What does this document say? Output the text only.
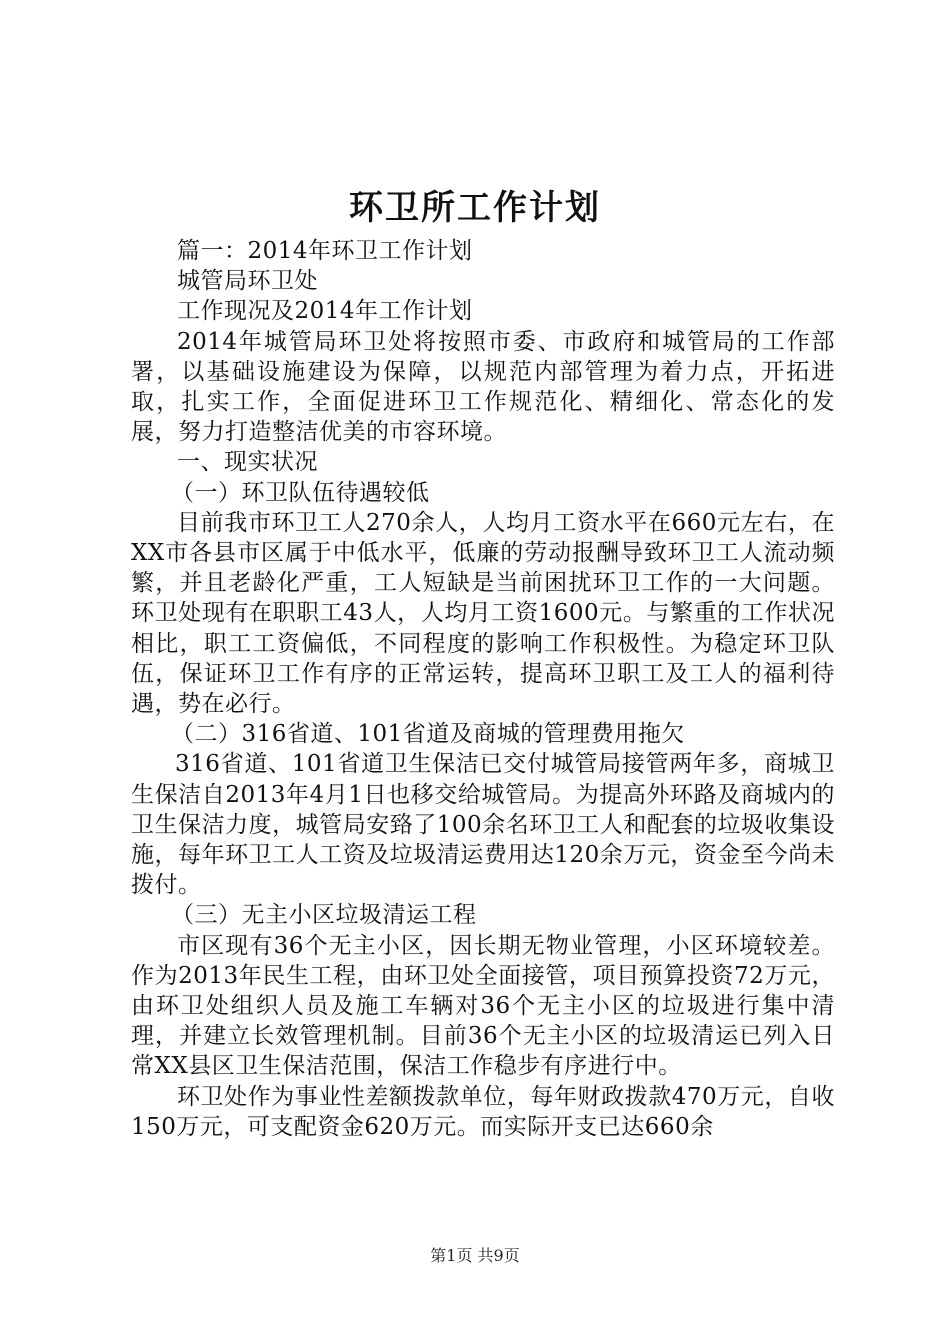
环卫所工作计划

篇一：2014年环卫工作计划

城管局环卫处

工作现况及2014年工作计划

2014年城管局环卫处将按照市委、市政府和城管局的工作部署，以基础设施建设为保障，以规范内部管理为着力点，开拓进取，扎实工作，全面促进环卫工作规范化、精细化、常态化的发展，努力打造整洁优美的市容环境。

一、现实状况

（一）环卫队伍待遇较低

目前我市环卫工人270余人，人均月工资水平在660元左右，在XX市各县市区属于中低水平，低廉的劳动报酬导致环卫工人流动频繁，并且老龄化严重，工人短缺是当前困扰环卫工作的一大问题。环卫处现有在职职工43人，人均月工资1600元。与繁重的工作状况相比，职工工资偏低，不同程度的影响工作积极性。为稳定环卫队伍，保证环卫工作有序的正常运转，提高环卫职工及工人的福利待遇，势在必行。

（二）316省道、101省道及商城的管理费用拖欠

316省道、101省道卫生保洁已交付城管局接管两年多，商城卫生保洁自2013年4月1日也移交给城管局。为提高外环路及商城内的卫生保洁力度，城管局安臵了100余名环卫工人和配套的垃圾收集设施，每年环卫工人工资及垃圾清运费用达120余万元，资金至今尚未拨付。

（三）无主小区垃圾清运工程

市区现有36个无主小区，因长期无物业管理，小区环境较差。作为2013年民生工程，由环卫处全面接管，项目预算投资72万元，由环卫处组织人员及施工车辆对36个无主小区的垃圾进行集中清理，并建立长效管理机制。目前36个无主小区的垃圾清运已列入日常XX县区卫生保洁范围，保洁工作稳步有序进行中。

环卫处作为事业性差额拨款单位，每年财政拨款470万元，自收150万元，可支配资金620万元。而实际开支已达660余

第1页 共9页
